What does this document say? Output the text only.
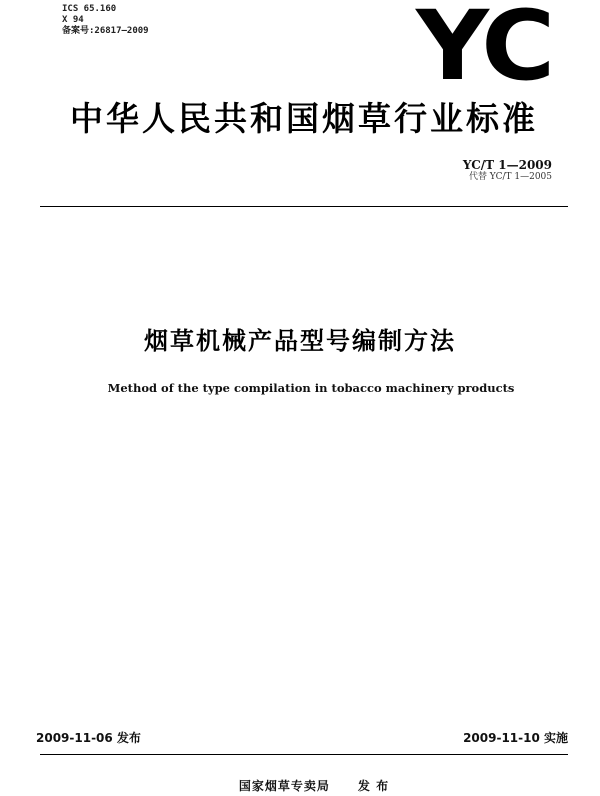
ICS 65.160
X 94
备案号:26817—2009	YC
中华人民共和国烟草行业标准
YC/T 1—2009
代替 YC/T 1—2005
烟草机械产品型号编制方法
Method of the type compilation in tobacco machinery products
2009-11-06 发布	2009-11-10 实施
国家烟草专卖局 发 布
